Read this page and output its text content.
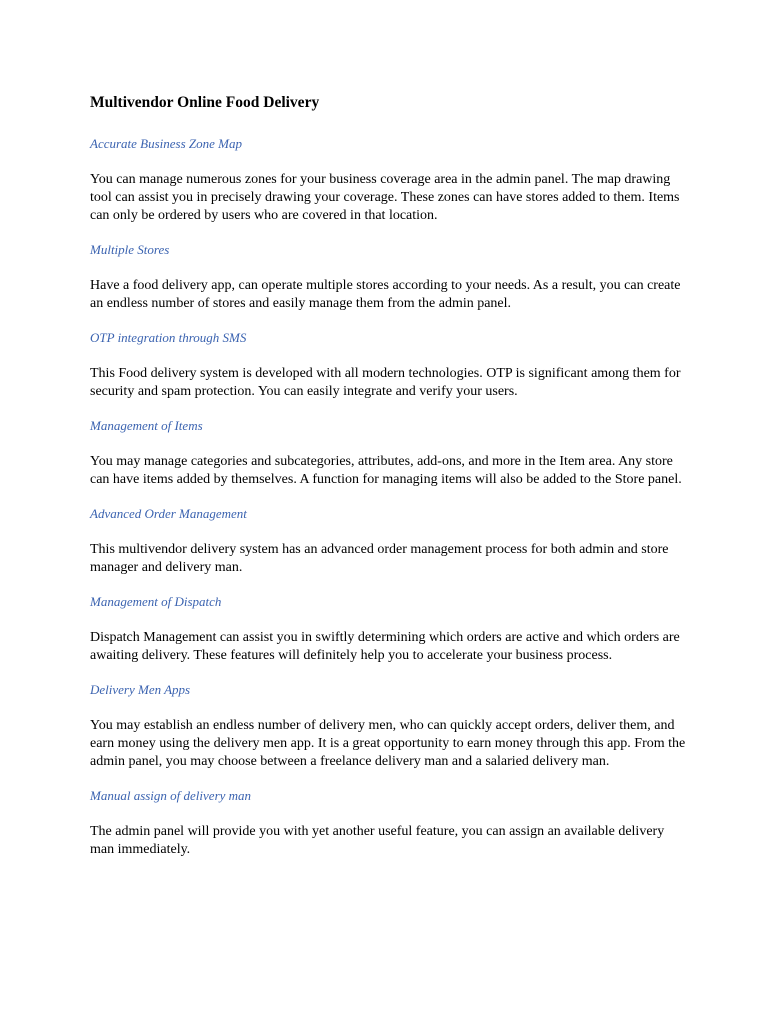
Multivendor Online Food Delivery

Accurate Business Zone Map

You can manage numerous zones for your business coverage area in the admin panel. The map drawing tool can assist you in precisely drawing your coverage. These zones can have stores added to them. Items can only be ordered by users who are covered in that location.

Multiple Stores

Have a food delivery app, can operate multiple stores according to your needs. As a result, you can create an endless number of stores and easily manage them from the admin panel.

OTP integration through SMS

This Food delivery system is developed with all modern technologies. OTP is significant among them for security and spam protection. You can easily integrate and verify your users.

Management of Items

You may manage categories and subcategories, attributes, add-ons, and more in the Item area. Any store can have items added by themselves. A function for managing items will also be added to the Store panel.

Advanced Order Management

This multivendor delivery system has an advanced order management process for both admin and store manager and delivery man.

Management of Dispatch

Dispatch Management can assist you in swiftly determining which orders are active and which orders are awaiting delivery. These features will definitely help you to accelerate your business process.

Delivery Men Apps

You may establish an endless number of delivery men, who can quickly accept orders, deliver them, and earn money using the delivery men app. It is a great opportunity to earn money through this app. From the admin panel, you may choose between a freelance delivery man and a salaried delivery man.

Manual assign of delivery man

The admin panel will provide you with yet another useful feature, you can assign an available delivery man immediately.
